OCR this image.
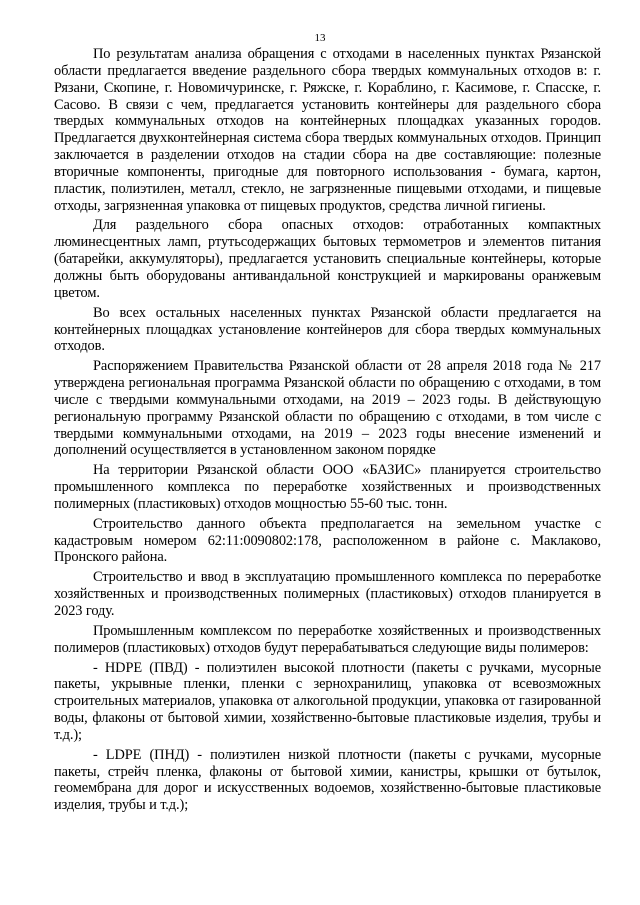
13

По результатам анализа обращения с отходами в населенных пунктах Рязанской области предлагается введение раздельного сбора твердых коммунальных отходов в: г. Рязани, Скопине, г. Новомичуринске, г. Ряжске, г. Кораблино, г. Касимове, г. Спасске, г. Сасово. В связи с чем, предлагается установить контейнеры для раздельного сбора твердых коммунальных отходов на контейнерных площадках указанных городов. Предлагается двухконтейнерная система сбора твердых коммунальных отходов. Принцип заключается в разделении отходов на стадии сбора на две составляющие: полезные вторичные компоненты, пригодные для повторного использования - бумага, картон, пластик, полиэтилен, металл, стекло, не загрязненные пищевыми отходами, и пищевые отходы, загрязненная упаковка от пищевых продуктов, средства личной гигиены.

Для раздельного сбора опасных отходов: отработанных компактных люминесцентных ламп, ртутьсодержащих бытовых термометров и элементов питания (батарейки, аккумуляторы), предлагается установить специальные контейнеры, которые должны быть оборудованы антивандальной конструкцией и маркированы оранжевым цветом.

Во всех остальных населенных пунктах Рязанской области предлагается на контейнерных площадках установление контейнеров для сбора твердых коммунальных отходов.

Распоряжением Правительства Рязанской области от 28 апреля 2018 года № 217 утверждена региональная программа Рязанской области по обращению с отходами, в том числе с твердыми коммунальными отходами, на 2019 – 2023 годы. В действующую региональную программу Рязанской области по обращению с отходами, в том числе с твердыми коммунальными отходами, на 2019 – 2023 годы внесение изменений и дополнений осуществляется в установленном законом порядке

На территории Рязанской области ООО «БАЗИС» планируется строительство промышленного комплекса по переработке хозяйственных и производственных полимерных (пластиковых) отходов мощностью 55-60 тыс. тонн.

Строительство данного объекта предполагается на земельном участке с кадастровым номером 62:11:0090802:178, расположенном в районе с. Маклаково, Пронского района.

Строительство и ввод в эксплуатацию промышленного комплекса по переработке хозяйственных и производственных полимерных (пластиковых) отходов планируется в 2023 году.

Промышленным комплексом по переработке хозяйственных и производственных полимеров (пластиковых) отходов будут перерабатываться следующие виды полимеров:

- HDPE (ПВД) - полиэтилен высокой плотности (пакеты с ручками, мусорные пакеты, укрывные пленки, пленки с зернохранилищ, упаковка от всевозможных строительных материалов, упаковка от алкогольной продукции, упаковка от газированной воды, флаконы от бытовой химии, хозяйственно-бытовые пластиковые изделия, трубы и т.д.);

- LDPE (ПНД) - полиэтилен низкой плотности (пакеты с ручками, мусорные пакеты, стрейч пленка, флаконы от бытовой химии, канистры, крышки от бутылок, геомембрана для дорог и искусственных водоемов, хозяйственно-бытовые пластиковые изделия, трубы и т.д.);
